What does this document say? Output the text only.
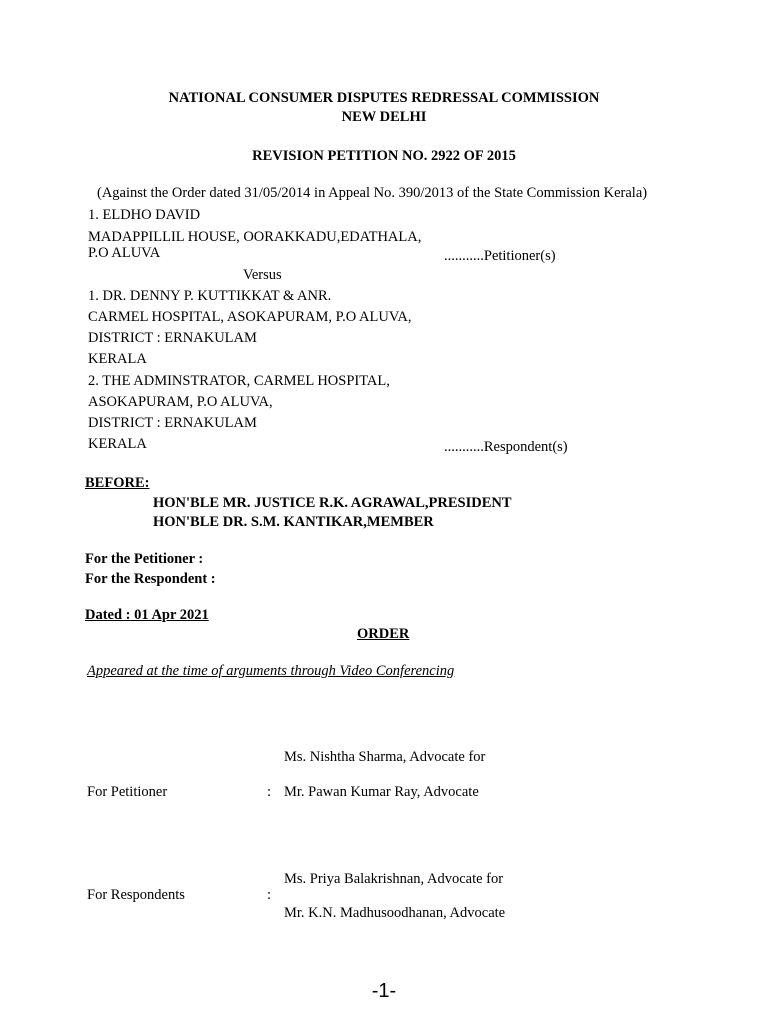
NATIONAL CONSUMER DISPUTES REDRESSAL COMMISSION
NEW DELHI
REVISION PETITION NO. 2922 OF 2015
(Against the Order dated 31/05/2014 in Appeal No. 390/2013 of the State Commission Kerala)
1. ELDHO DAVID
MADAPPILLIL HOUSE, OORAKKADU,EDATHALA,
P.O ALUVA	...........Petitioner(s)
Versus
1. DR. DENNY P. KUTTIKKAT & ANR.
CARMEL HOSPITAL, ASOKAPURAM, P.O ALUVA,
DISTRICT : ERNAKULAM
KERALA
2. THE ADMINSTRATOR, CARMEL HOSPITAL,
ASOKAPURAM, P.O ALUVA,
DISTRICT : ERNAKULAM
KERALA	...........Respondent(s)
BEFORE:
HON'BLE MR. JUSTICE R.K. AGRAWAL,PRESIDENT
HON'BLE DR. S.M. KANTIKAR,MEMBER
For the Petitioner :
For the Respondent :
Dated : 01 Apr 2021
ORDER
Appeared at the time of arguments through Video Conferencing
Ms. Nishtha Sharma, Advocate for
For Petitioner	: Mr. Pawan Kumar Ray, Advocate
Ms. Priya Balakrishnan, Advocate for
For Respondents	:
Mr. K.N. Madhusoodhanan, Advocate
-1-
